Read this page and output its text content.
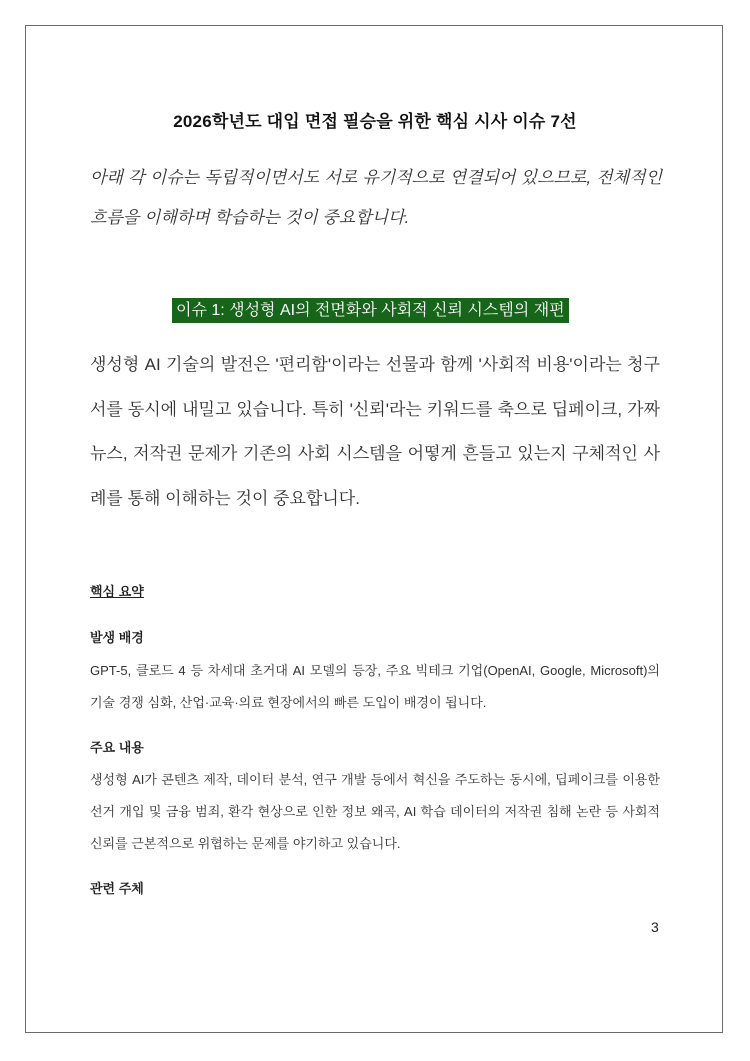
2026학년도 대입 면접 필승을 위한 핵심 시사 이슈 7선
아래 각 이슈는 독립적이면서도 서로 유기적으로 연결되어 있으므로, 전체적인 흐름을 이해하며 학습하는 것이 중요합니다.
이슈 1: 생성형 AI의 전면화와 사회적 신뢰 시스템의 재편
생성형 AI 기술의 발전은 '편리함'이라는 선물과 함께 '사회적 비용'이라는 청구서를 동시에 내밀고 있습니다. 특히 '신뢰'라는 키워드를 축으로 딥페이크, 가짜뉴스, 저작권 문제가 기존의 사회 시스템을 어떻게 흔들고 있는지 구체적인 사례를 통해 이해하는 것이 중요합니다.
핵심 요약
발생 배경
GPT-5, 클로드 4 등 차세대 초거대 AI 모델의 등장, 주요 빅테크 기업(OpenAI, Google, Microsoft)의 기술 경쟁 심화, 산업·교육·의료 현장에서의 빠른 도입이 배경이 됩니다.
주요 내용
생성형 AI가 콘텐츠 제작, 데이터 분석, 연구 개발 등에서 혁신을 주도하는 동시에, 딥페이크를 이용한 선거 개입 및 금융 범죄, 환각 현상으로 인한 정보 왜곡, AI 학습 데이터의 저작권 침해 논란 등 사회적 신뢰를 근본적으로 위협하는 문제를 야기하고 있습니다.
관련 주체
3
